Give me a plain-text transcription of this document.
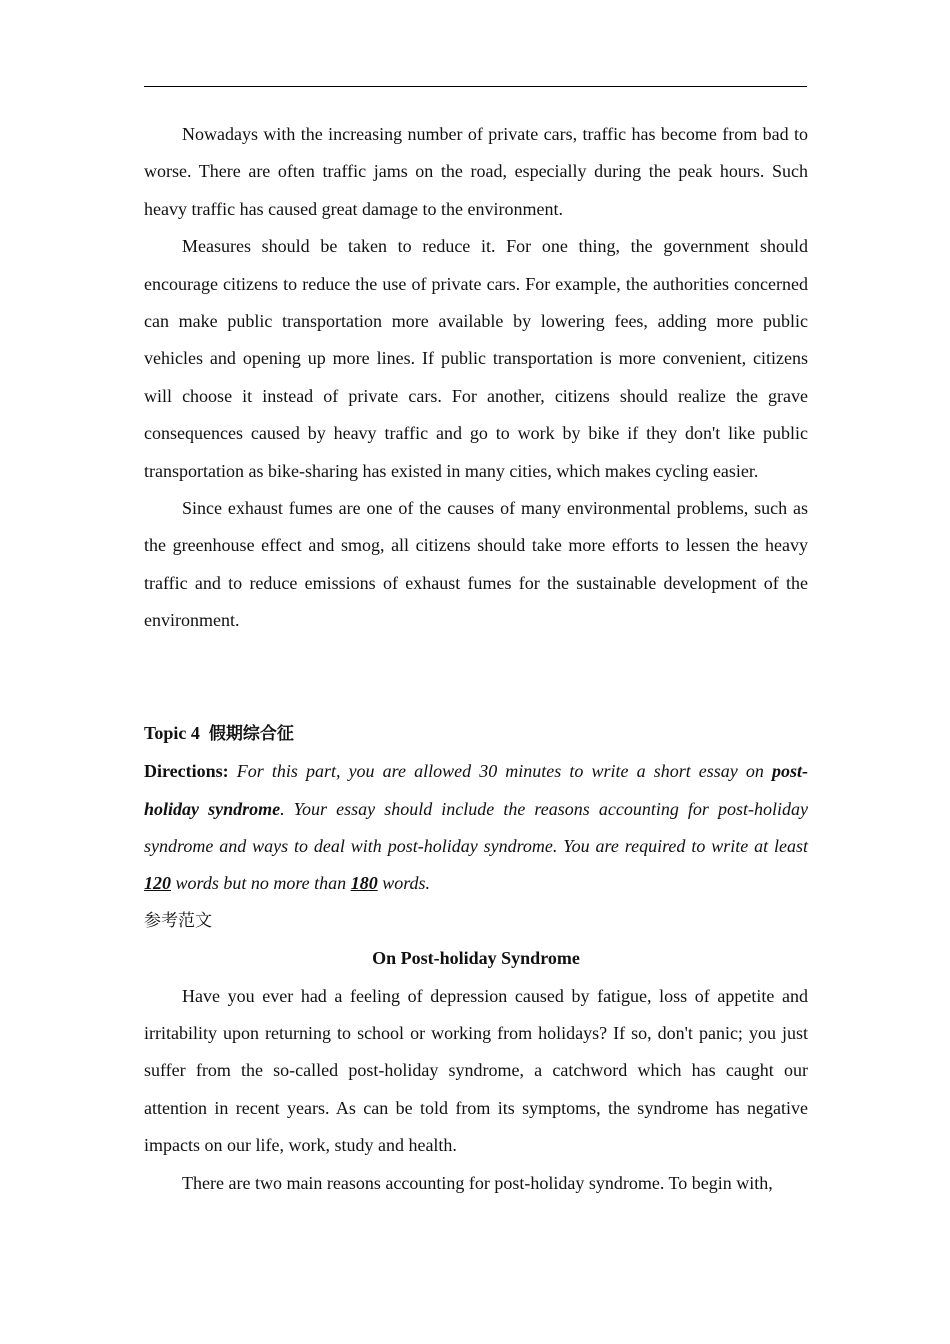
Nowadays with the increasing number of private cars, traffic has become from bad to worse. There are often traffic jams on the road, especially during the peak hours. Such heavy traffic has caused great damage to the environment.

Measures should be taken to reduce it. For one thing, the government should encourage citizens to reduce the use of private cars. For example, the authorities concerned can make public transportation more available by lowering fees, adding more public vehicles and opening up more lines. If public transportation is more convenient, citizens will choose it instead of private cars. For another, citizens should realize the grave consequences caused by heavy traffic and go to work by bike if they don't like public transportation as bike-sharing has existed in many cities, which makes cycling easier.

Since exhaust fumes are one of the causes of many environmental problems, such as the greenhouse effect and smog, all citizens should take more efforts to lessen the heavy traffic and to reduce emissions of exhaust fumes for the sustainable development of the environment.

Topic 4 假期综合征

Directions: For this part, you are allowed 30 minutes to write a short essay on post-holiday syndrome. Your essay should include the reasons accounting for post-holiday syndrome and ways to deal with post-holiday syndrome. You are required to write at least 120 words but no more than 180 words.

参考范文

On Post-holiday Syndrome

Have you ever had a feeling of depression caused by fatigue, loss of appetite and irritability upon returning to school or working from holidays? If so, don't panic; you just suffer from the so-called post-holiday syndrome, a catchword which has caught our attention in recent years. As can be told from its symptoms, the syndrome has negative impacts on our life, work, study and health.

There are two main reasons accounting for post-holiday syndrome. To begin with,
